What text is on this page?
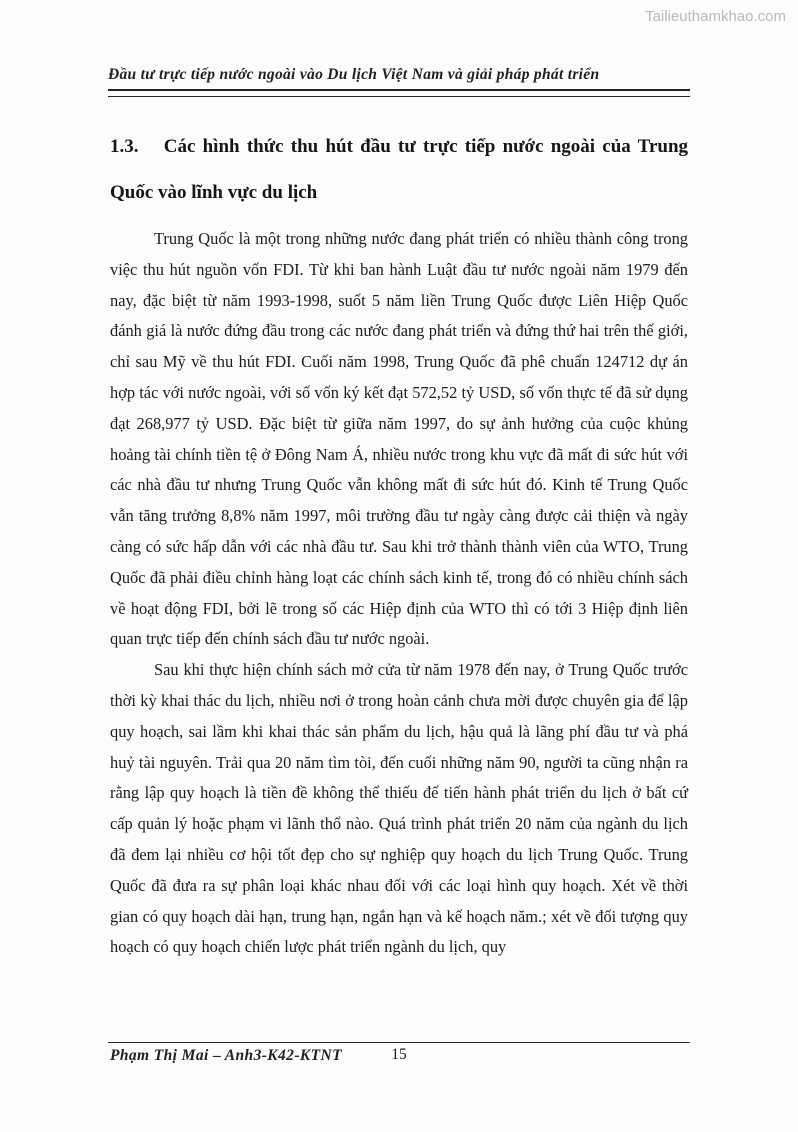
Tailieuthamkhao.com
Đầu tư trực tiếp nước ngoài vào Du lịch Việt Nam và giải pháp phát triển
1.3. Các hình thức thu hút đầu tư trực tiếp nước ngoài của Trung Quốc vào lĩnh vực du lịch

Trung Quốc là một trong những nước đang phát triển có nhiều thành công trong việc thu hút nguồn vốn FDI. Từ khi ban hành Luật đầu tư nước ngoài năm 1979 đến nay, đặc biệt từ năm 1993-1998, suốt 5 năm liền Trung Quốc được Liên Hiệp Quốc đánh giá là nước đứng đầu trong các nước đang phát triển và đứng thứ hai trên thế giới, chỉ sau Mỹ về thu hút FDI. Cuối năm 1998, Trung Quốc đã phê chuẩn 124712 dự án hợp tác với nước ngoài, với số vốn ký kết đạt 572,52 tỷ USD, số vốn thực tế đã sử dụng đạt 268,977 tỷ USD. Đặc biệt từ giữa năm 1997, do sự ảnh hưởng của cuộc khủng hoảng tài chính tiền tệ ở Đông Nam Á, nhiều nước trong khu vực đã mất đi sức hút với các nhà đầu tư nhưng Trung Quốc vẫn không mất đi sức hút đó. Kinh tế Trung Quốc vẫn tăng trưởng 8,8% năm 1997, môi trường đầu tư ngày càng được cải thiện và ngày càng có sức hấp dẫn với các nhà đầu tư. Sau khi trở thành thành viên của WTO, Trung Quốc đã phải điều chỉnh hàng loạt các chính sách kinh tế, trong đó có nhiều chính sách về hoạt động FDI, bởi lẽ trong số các Hiệp định của WTO thì có tới 3 Hiệp định liên quan trực tiếp đến chính sách đầu tư nước ngoài.

Sau khi thực hiện chính sách mở cửa từ năm 1978 đến nay, ở Trung Quốc trước thời kỳ khai thác du lịch, nhiều nơi ở trong hoàn cảnh chưa mời được chuyên gia để lập quy hoạch, sai lầm khi khai thác sản phẩm du lịch, hậu quả là lãng phí đầu tư và phá huỷ tài nguyên. Trải qua 20 năm tìm tòi, đến cuối những năm 90, người ta cũng nhận ra rằng lập quy hoạch là tiền đề không thể thiếu để tiến hành phát triển du lịch ở bất cứ cấp quản lý hoặc phạm vi lãnh thổ nào. Quá trình phát triển 20 năm của ngành du lịch đã đem lại nhiều cơ hội tốt đẹp cho sự nghiệp quy hoạch du lịch Trung Quốc. Trung Quốc đã đưa ra sự phân loại khác nhau đối với các loại hình quy hoạch. Xét về thời gian có quy hoạch dài hạn, trung hạn, ngắn hạn và kế hoạch năm.; xét về đối tượng quy hoạch có quy hoạch chiến lược phát triển ngành du lịch, quy

Phạm Thị Mai – Anh3-K42-KTNT	15
